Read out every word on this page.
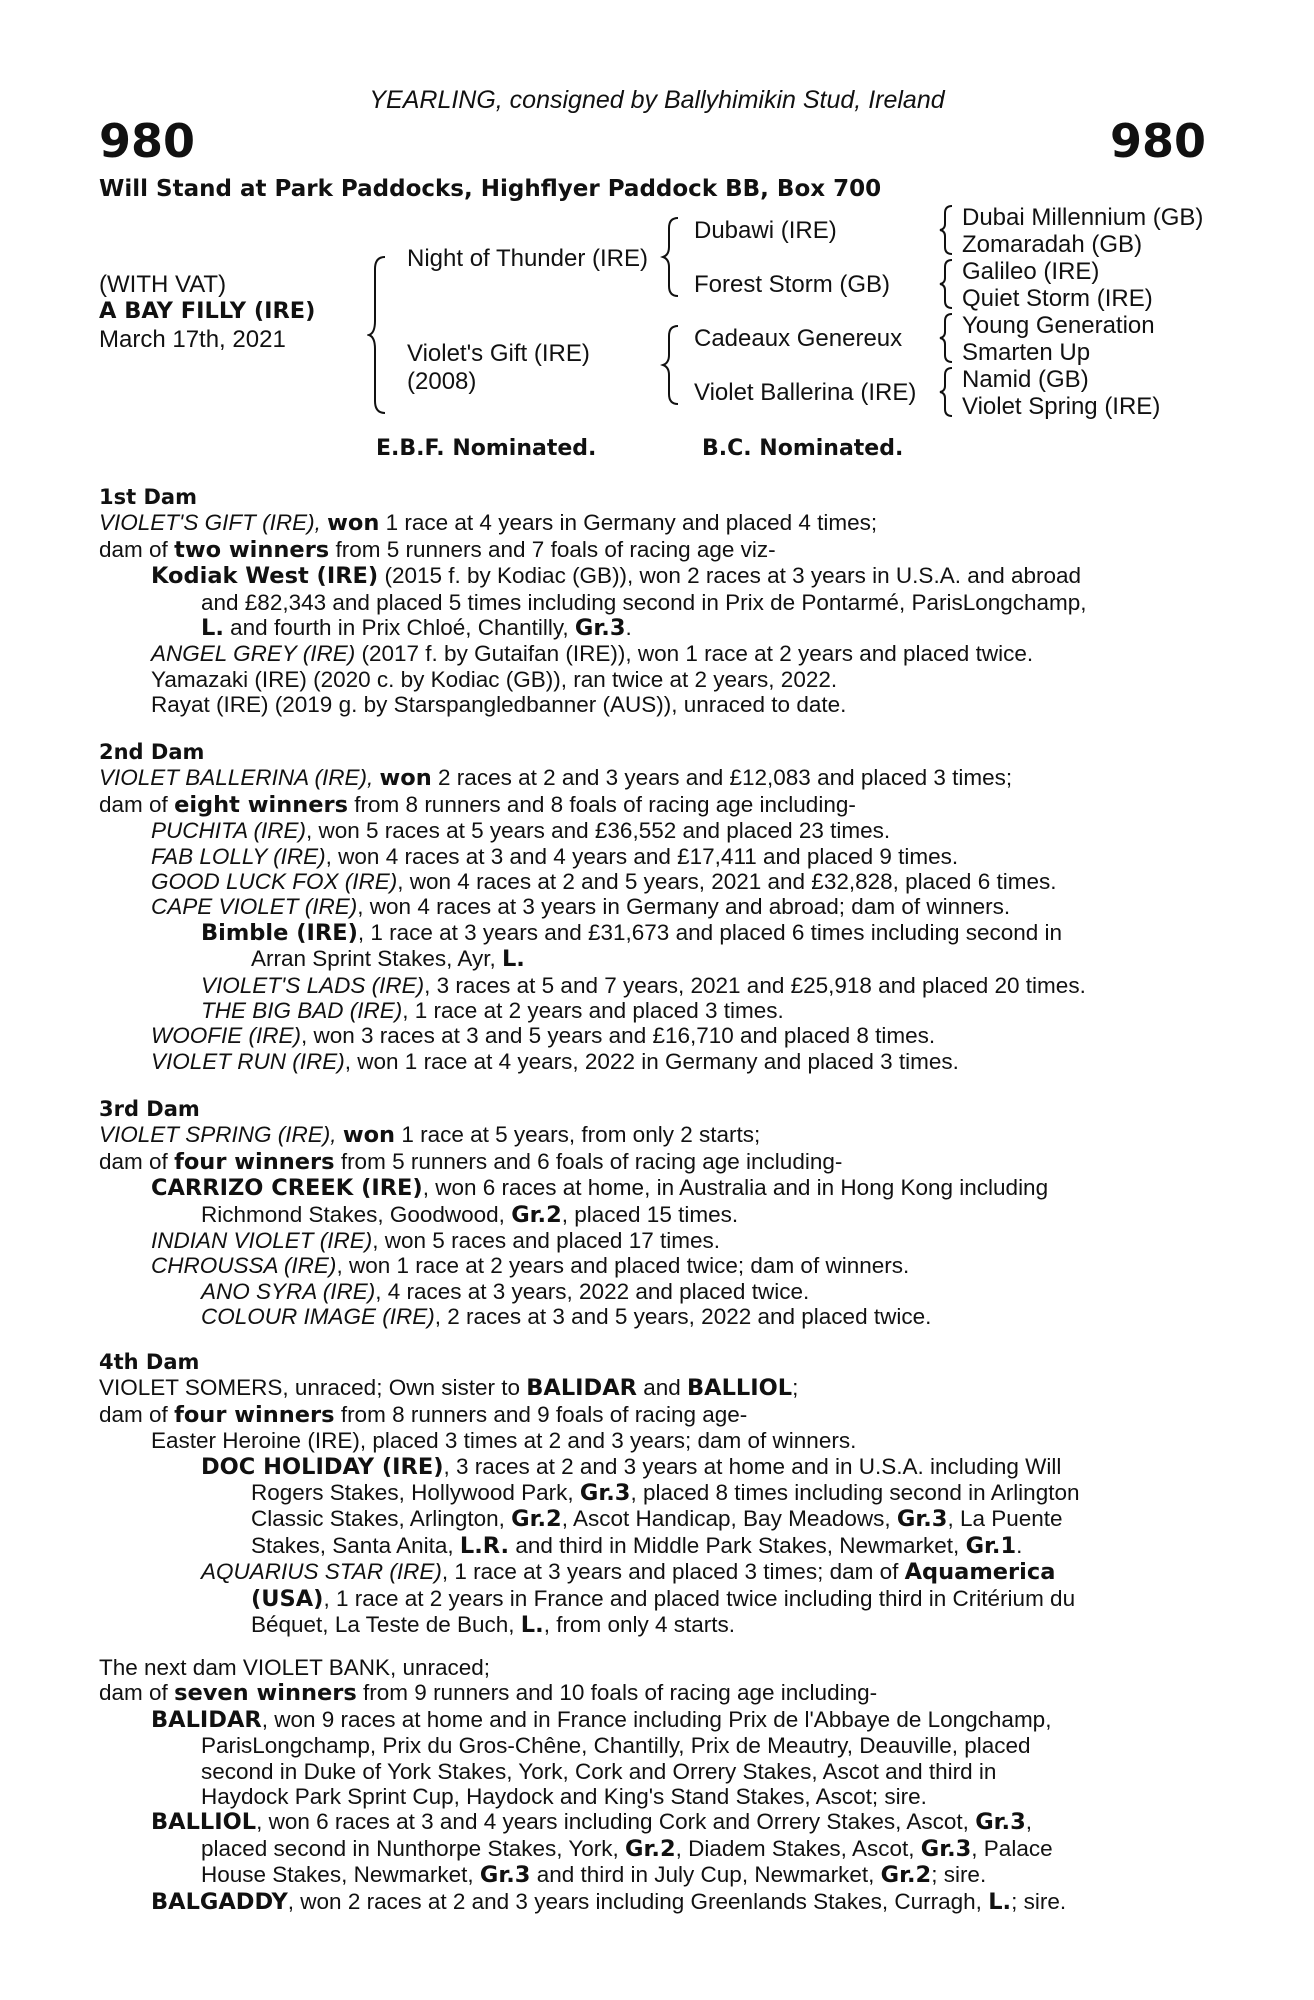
YEARLING, consigned by Ballyhimikin Stud, Ireland
980	980
Will Stand at Park Paddocks, Highflyer Paddock BB, Box 700
(WITH VAT)
A BAY FILLY (IRE)
March 17th, 2021
Night of Thunder (IRE)
Violet's Gift (IRE)
(2008)
Dubawi (IRE)
Forest Storm (GB)
Cadeaux Genereux
Violet Ballerina (IRE)
Dubai Millennium (GB)
Zomaradah (GB)
Galileo (IRE)
Quiet Storm (IRE)
Young Generation
Smarten Up
Namid (GB)
Violet Spring (IRE)
E.B.F. Nominated.	B.C. Nominated.
1st Dam
VIOLET'S GIFT (IRE), won 1 race at 4 years in Germany and placed 4 times;
dam of two winners from 5 runners and 7 foals of racing age viz-
Kodiak West (IRE) (2015 f. by Kodiac (GB)), won 2 races at 3 years in U.S.A. and abroad
and £82,343 and placed 5 times including second in Prix de Pontarmé, ParisLongchamp,
L. and fourth in Prix Chloé, Chantilly, Gr.3.
ANGEL GREY (IRE) (2017 f. by Gutaifan (IRE)), won 1 race at 2 years and placed twice.
Yamazaki (IRE) (2020 c. by Kodiac (GB)), ran twice at 2 years, 2022.
Rayat (IRE) (2019 g. by Starspangledbanner (AUS)), unraced to date.
2nd Dam
VIOLET BALLERINA (IRE), won 2 races at 2 and 3 years and £12,083 and placed 3 times;
dam of eight winners from 8 runners and 8 foals of racing age including-
PUCHITA (IRE), won 5 races at 5 years and £36,552 and placed 23 times.
FAB LOLLY (IRE), won 4 races at 3 and 4 years and £17,411 and placed 9 times.
GOOD LUCK FOX (IRE), won 4 races at 2 and 5 years, 2021 and £32,828, placed 6 times.
CAPE VIOLET (IRE), won 4 races at 3 years in Germany and abroad; dam of winners.
Bimble (IRE), 1 race at 3 years and £31,673 and placed 6 times including second in
Arran Sprint Stakes, Ayr, L.
VIOLET'S LADS (IRE), 3 races at 5 and 7 years, 2021 and £25,918 and placed 20 times.
THE BIG BAD (IRE), 1 race at 2 years and placed 3 times.
WOOFIE (IRE), won 3 races at 3 and 5 years and £16,710 and placed 8 times.
VIOLET RUN (IRE), won 1 race at 4 years, 2022 in Germany and placed 3 times.
3rd Dam
VIOLET SPRING (IRE), won 1 race at 5 years, from only 2 starts;
dam of four winners from 5 runners and 6 foals of racing age including-
CARRIZO CREEK (IRE), won 6 races at home, in Australia and in Hong Kong including
Richmond Stakes, Goodwood, Gr.2, placed 15 times.
INDIAN VIOLET (IRE), won 5 races and placed 17 times.
CHROUSSA (IRE), won 1 race at 2 years and placed twice; dam of winners.
ANO SYRA (IRE), 4 races at 3 years, 2022 and placed twice.
COLOUR IMAGE (IRE), 2 races at 3 and 5 years, 2022 and placed twice.
4th Dam
VIOLET SOMERS, unraced; Own sister to BALIDAR and BALLIOL;
dam of four winners from 8 runners and 9 foals of racing age-
Easter Heroine (IRE), placed 3 times at 2 and 3 years; dam of winners.
DOC HOLIDAY (IRE), 3 races at 2 and 3 years at home and in U.S.A. including Will
Rogers Stakes, Hollywood Park, Gr.3, placed 8 times including second in Arlington
Classic Stakes, Arlington, Gr.2, Ascot Handicap, Bay Meadows, Gr.3, La Puente
Stakes, Santa Anita, L.R. and third in Middle Park Stakes, Newmarket, Gr.1.
AQUARIUS STAR (IRE), 1 race at 3 years and placed 3 times; dam of Aquamerica
(USA), 1 race at 2 years in France and placed twice including third in Critérium du
Béquet, La Teste de Buch, L., from only 4 starts.
The next dam VIOLET BANK, unraced;
dam of seven winners from 9 runners and 10 foals of racing age including-
BALIDAR, won 9 races at home and in France including Prix de l'Abbaye de Longchamp,
ParisLongchamp, Prix du Gros-Chêne, Chantilly, Prix de Meautry, Deauville, placed
second in Duke of York Stakes, York, Cork and Orrery Stakes, Ascot and third in
Haydock Park Sprint Cup, Haydock and King's Stand Stakes, Ascot; sire.
BALLIOL, won 6 races at 3 and 4 years including Cork and Orrery Stakes, Ascot, Gr.3,
placed second in Nunthorpe Stakes, York, Gr.2, Diadem Stakes, Ascot, Gr.3, Palace
House Stakes, Newmarket, Gr.3 and third in July Cup, Newmarket, Gr.2; sire.
BALGADDY, won 2 races at 2 and 3 years including Greenlands Stakes, Curragh, L.; sire.
